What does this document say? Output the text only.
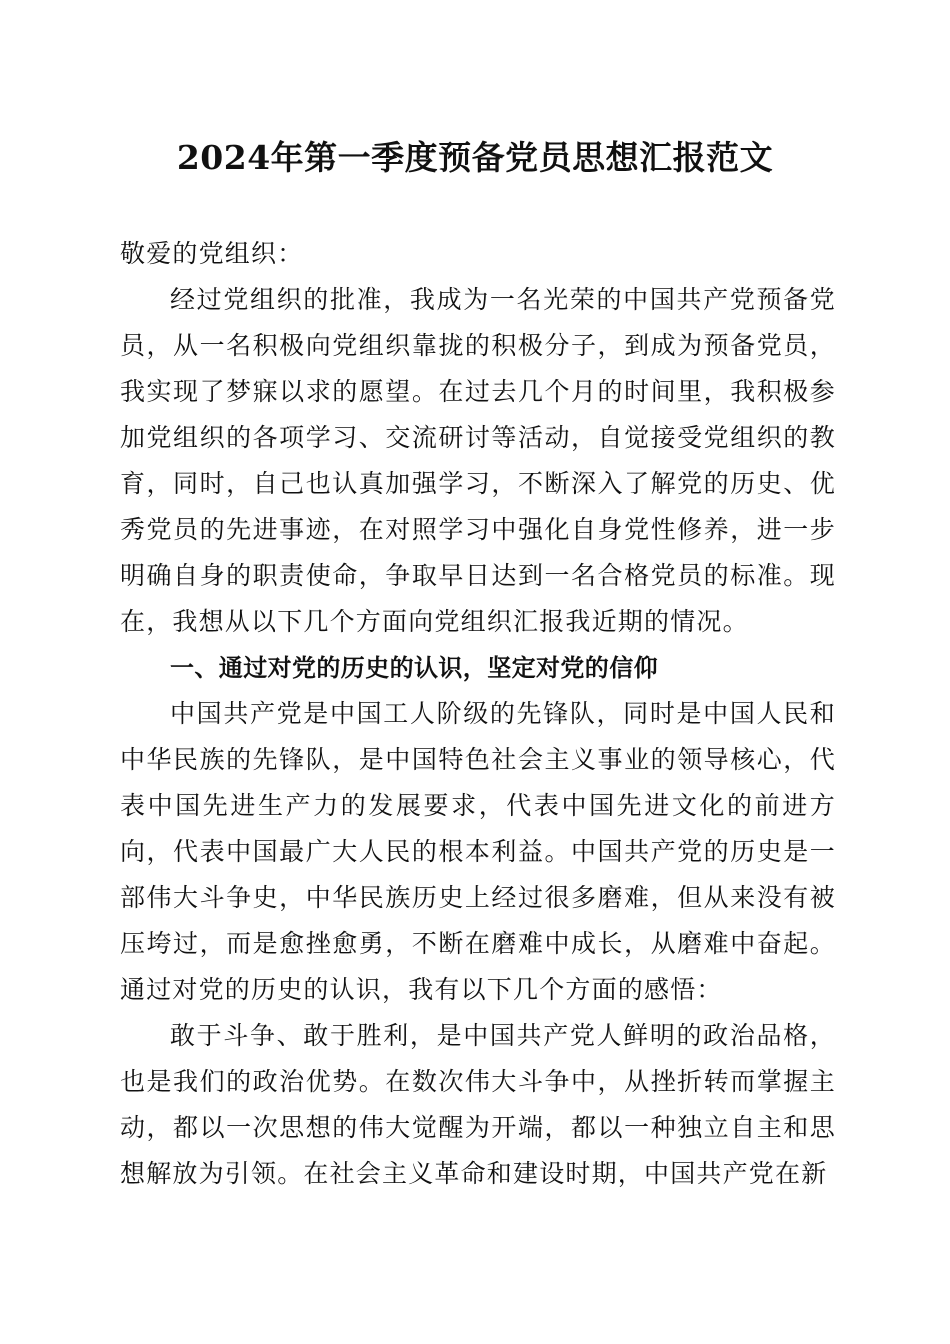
2024年第一季度预备党员思想汇报范文

敬爱的党组织：

经过党组织的批准，我成为一名光荣的中国共产党预备党员，从一名积极向党组织靠拢的积极分子，到成为预备党员，我实现了梦寐以求的愿望。在过去几个月的时间里，我积极参加党组织的各项学习、交流研讨等活动，自觉接受党组织的教育，同时，自己也认真加强学习，不断深入了解党的历史、优秀党员的先进事迹，在对照学习中强化自身党性修养，进一步明确自身的职责使命，争取早日达到一名合格党员的标准。现在，我想从以下几个方面向党组织汇报我近期的情况。

一、通过对党的历史的认识，坚定对党的信仰

中国共产党是中国工人阶级的先锋队，同时是中国人民和中华民族的先锋队，是中国特色社会主义事业的领导核心，代表中国先进生产力的发展要求，代表中国先进文化的前进方向，代表中国最广大人民的根本利益。中国共产党的历史是一部伟大斗争史，中华民族历史上经过很多磨难，但从来没有被压垮过，而是愈挫愈勇，不断在磨难中成长，从磨难中奋起。通过对党的历史的认识，我有以下几个方面的感悟：

敢于斗争、敢于胜利，是中国共产党人鲜明的政治品格，也是我们的政治优势。在数次伟大斗争中，从挫折转而掌握主动，都以一次思想的伟大觉醒为开端，都以一种独立自主和思想解放为引领。在社会主义革命和建设时期，中国共产党在新
